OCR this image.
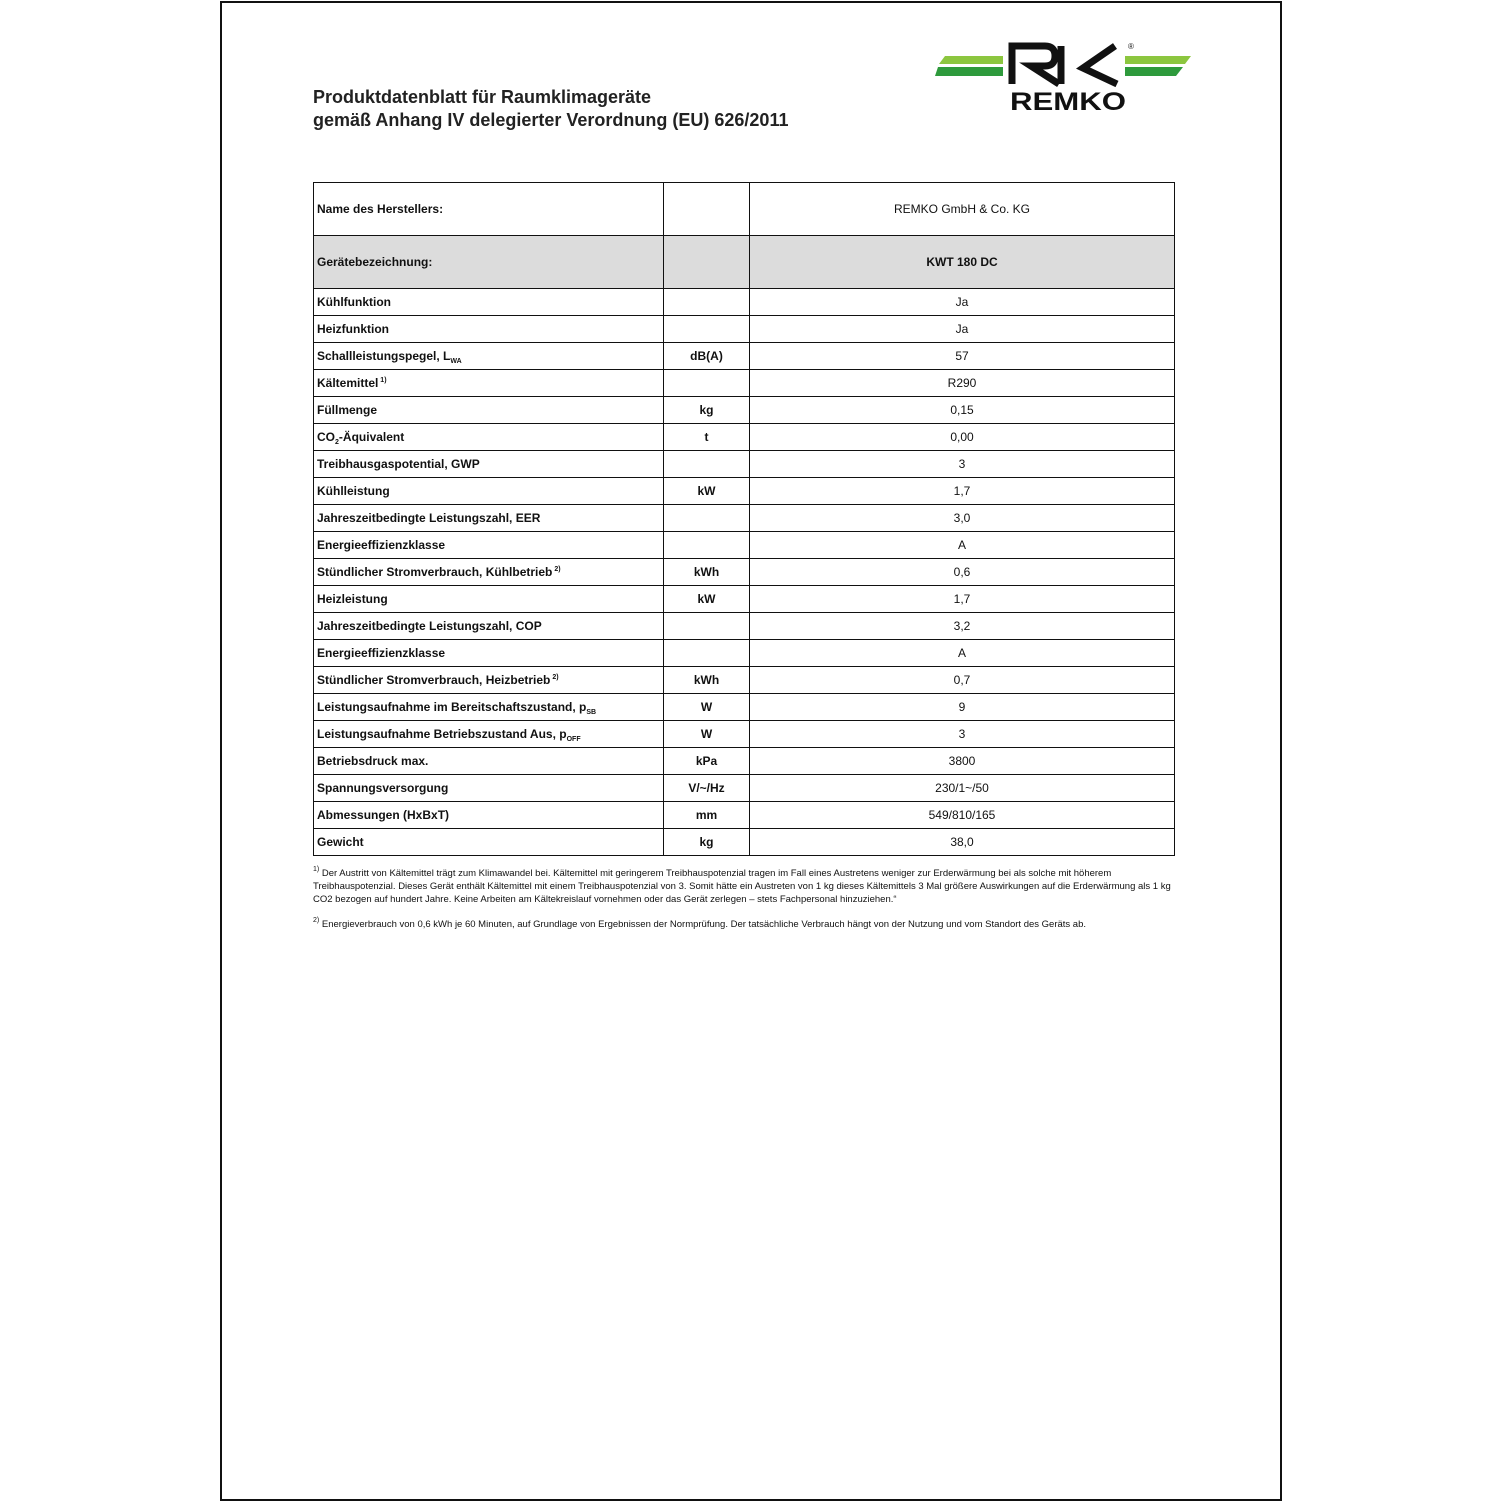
Produktdatenblatt für Raumklimageräte
gemäß Anhang IV delegierter Verordnung (EU) 626/2011
REMKO
®
Name des Herstellers:		REMKO GmbH & Co. KG
Gerätebezeichnung:		KWT 180 DC
Kühlfunktion		Ja
Heizfunktion		Ja
Schallleistungspegel, $L_{WA}$	dB(A)	57
Kältemittel $^{1)}$		R290
Füllmenge	kg	0,15
$CO_2$-Äquivalent	t	0,00
Treibhausgaspotential, GWP		3
Kühlleistung	kW	1,7
Jahreszeitbedingte Leistungszahl, EER		3,0
Energieeffizienzklasse		A
Stündlicher Stromverbrauch, Kühlbetrieb $^{2)}$	kWh	0,6
Heizleistung	kW	1,7
Jahreszeitbedingte Leistungszahl, COP		3,2
Energieeffizienzklasse		A
Stündlicher Stromverbrauch, Heizbetrieb $^{2)}$	kWh	0,7
Leistungsaufnahme im Bereitschaftszustand, $p_{SB}$	W	9
Leistungsaufnahme Betriebszustand Aus, $p_{OFF}$	W	3
Betriebsdruck max.	kPa	3800
Spannungsversorgung	V/~/Hz	230/1~/50
Abmessungen (HxBxT)	mm	549/810/165
Gewicht	kg	38,0

$^{1)}$ Der Austritt von Kältemittel trägt zum Klimawandel bei. Kältemittel mit geringerem Treibhauspotenzial tragen im Fall eines Austretens weniger zur Erderwärmung bei als solche mit höherem Treibhauspotenzial. Dieses Gerät enthält Kältemittel mit einem Treibhauspotenzial von 3. Somit hätte ein Austreten von 1 kg dieses Kältemittels 3 Mal größere Auswirkungen auf die Erderwärmung als 1 kg CO2 bezogen auf hundert Jahre. Keine Arbeiten am Kältekreislauf vornehmen oder das Gerät zerlegen – stets Fachpersonal hinzuziehen.“

$^{2)}$ Energieverbrauch von 0,6 kWh je 60 Minuten, auf Grundlage von Ergebnissen der Normprüfung. Der tatsächliche Verbrauch hängt von der Nutzung und vom Standort des Geräts ab.
